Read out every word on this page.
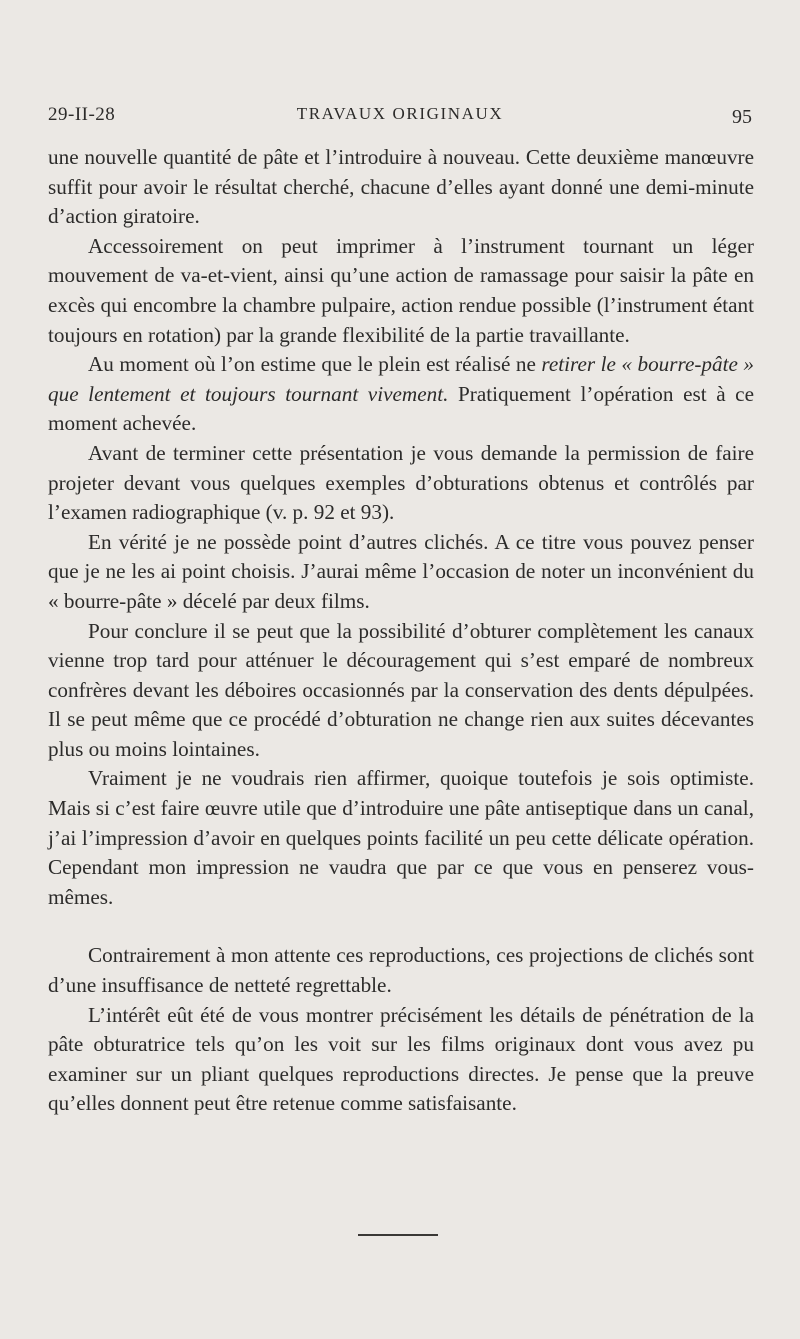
29-II-28	TRAVAUX ORIGINAUX	95

une nouvelle quantité de pâte et l’introduire à nouveau. Cette deuxième manœuvre suffit pour avoir le résultat cherché, chacune d’elles ayant donné une demi-minute d’action giratoire.

Accessoirement on peut imprimer à l’instrument tournant un léger mouvement de va-et-vient, ainsi qu’une action de ramassage pour saisir la pâte en excès qui encombre la chambre pulpaire, action rendue possible (l’instrument étant toujours en rotation) par la grande flexibilité de la partie travaillante.

Au moment où l’on estime que le plein est réalisé ne retirer le « bourre-pâte » que lentement et toujours tournant vivement. Pratiquement l’opération est à ce moment achevée.

Avant de terminer cette présentation je vous demande la permission de faire projeter devant vous quelques exemples d’obturations obtenus et contrôlés par l’examen radiographique (v. p. 92 et 93).

En vérité je ne possède point d’autres clichés. A ce titre vous pouvez penser que je ne les ai point choisis. J’aurai même l’occasion de noter un inconvénient du « bourre-pâte » décelé par deux films.

Pour conclure il se peut que la possibilité d’obturer complètement les canaux vienne trop tard pour atténuer le découragement qui s’est emparé de nombreux confrères devant les déboires occasionnés par la conservation des dents dépulpées. Il se peut même que ce procédé d’obturation ne change rien aux suites décevantes plus ou moins lointaines.

Vraiment je ne voudrais rien affirmer, quoique toutefois je sois optimiste. Mais si c’est faire œuvre utile que d’introduire une pâte antiseptique dans un canal, j’ai l’impression d’avoir en quelques points facilité un peu cette délicate opération. Cependant mon impression ne vaudra que par ce que vous en penserez vous-mêmes.

Contrairement à mon attente ces reproductions, ces projections de clichés sont d’une insuffisance de netteté regrettable.

L’intérêt eût été de vous montrer précisément les détails de pénétration de la pâte obturatrice tels qu’on les voit sur les films originaux dont vous avez pu examiner sur un pliant quelques reproductions directes. Je pense que la preuve qu’elles donnent peut être retenue comme satisfaisante.
